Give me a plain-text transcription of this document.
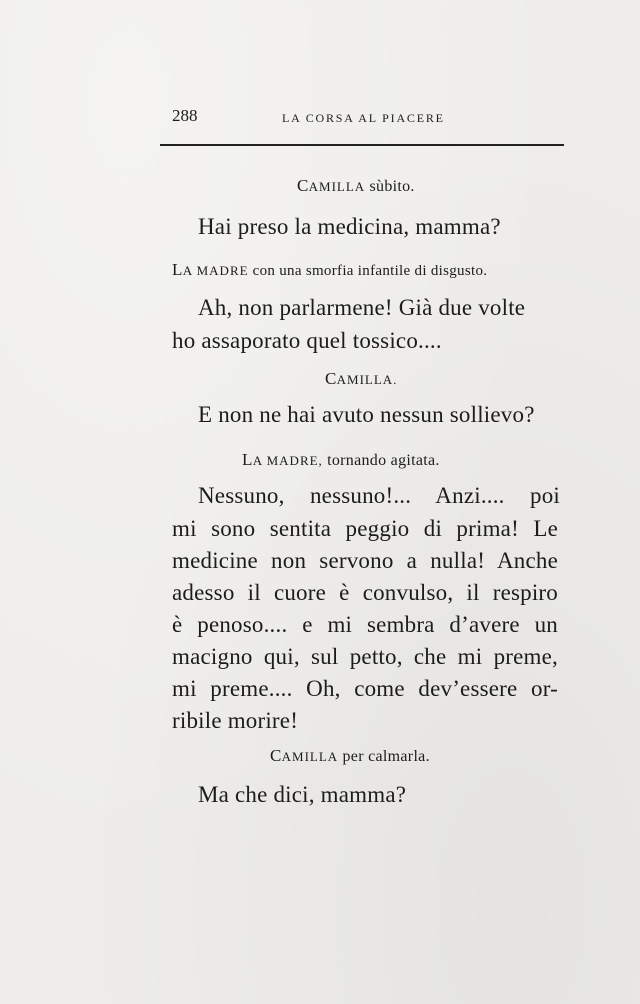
288	LA CORSA AL PIACERE
CAMILLA sùbito.
Hai preso la medicina, mamma?
LA MADRE con una smorfia infantile di disgusto.
Ah, non parlarmene! Già due volte
ho assaporato quel tossico....
CAMILLA.
E non ne hai avuto nessun sollievo?
LA MADRE, tornando agitata.
Nessuno, nessuno!... Anzi.... poi
mi sono sentita peggio di prima! Le
medicine non servono a nulla! Anche
adesso il cuore è convulso, il respiro
è penoso.... e mi sembra d’avere un
macigno qui, sul petto, che mi preme,
mi preme.... Oh, come dev’essere or-
ribile morire!
CAMILLA per calmarla.
Ma che dici, mamma?
